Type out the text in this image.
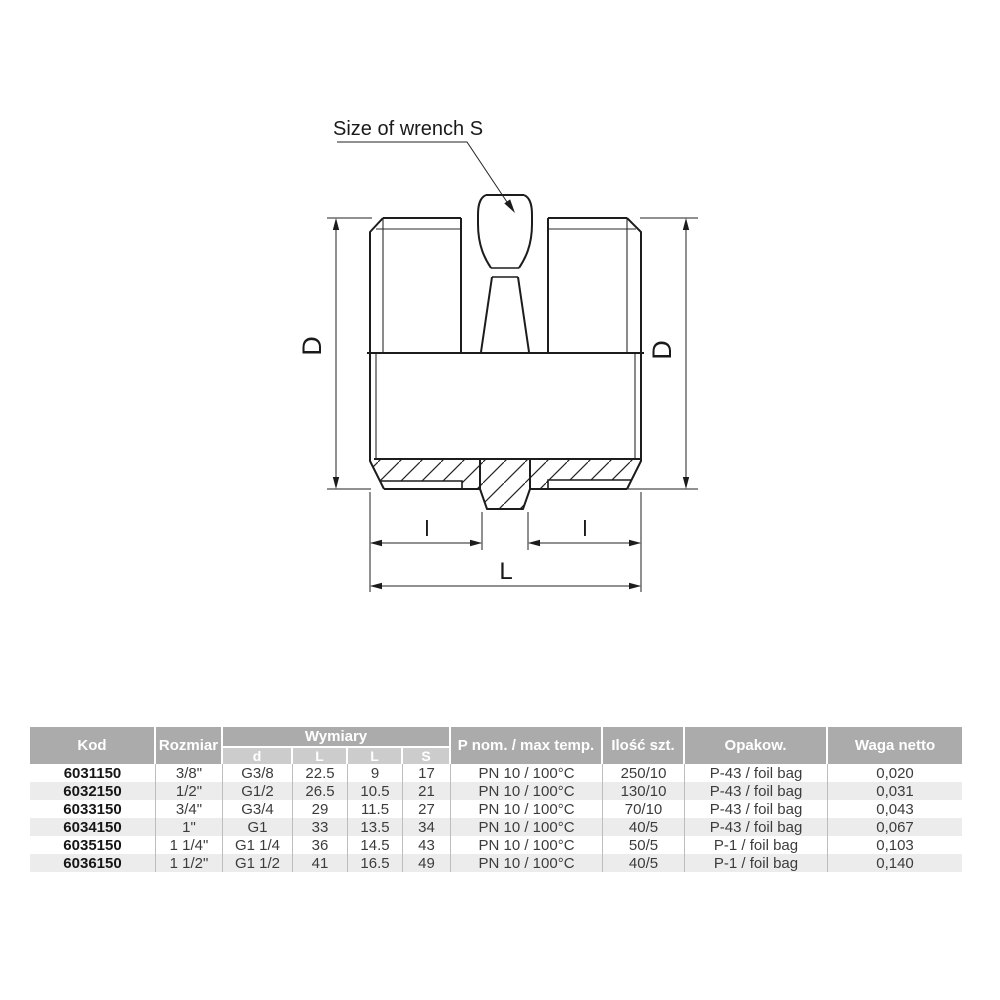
Size of wrench S
D	D
l	l
L
Kod	Rozmiar	Wymiary				P nom. / max temp.	Ilość szt.	Opakow.	Waga netto
		d	L	L	S				
6031150	3/8"	G3/8	22.5	9	17	PN 10 / 100°C	250/10	P-43 / foil bag	0,020
6032150	1/2"	G1/2	26.5	10.5	21	PN 10 / 100°C	130/10	P-43 / foil bag	0,031
6033150	3/4"	G3/4	29	11.5	27	PN 10 / 100°C	70/10	P-43 / foil bag	0,043
6034150	1"	G1	33	13.5	34	PN 10 / 100°C	40/5	P-43 / foil bag	0,067
6035150	1 1/4"	G1 1/4	36	14.5	43	PN 10 / 100°C	50/5	P-1 / foil bag	0,103
6036150	1 1/2"	G1 1/2	41	16.5	49	PN 10 / 100°C	40/5	P-1 / foil bag	0,140
